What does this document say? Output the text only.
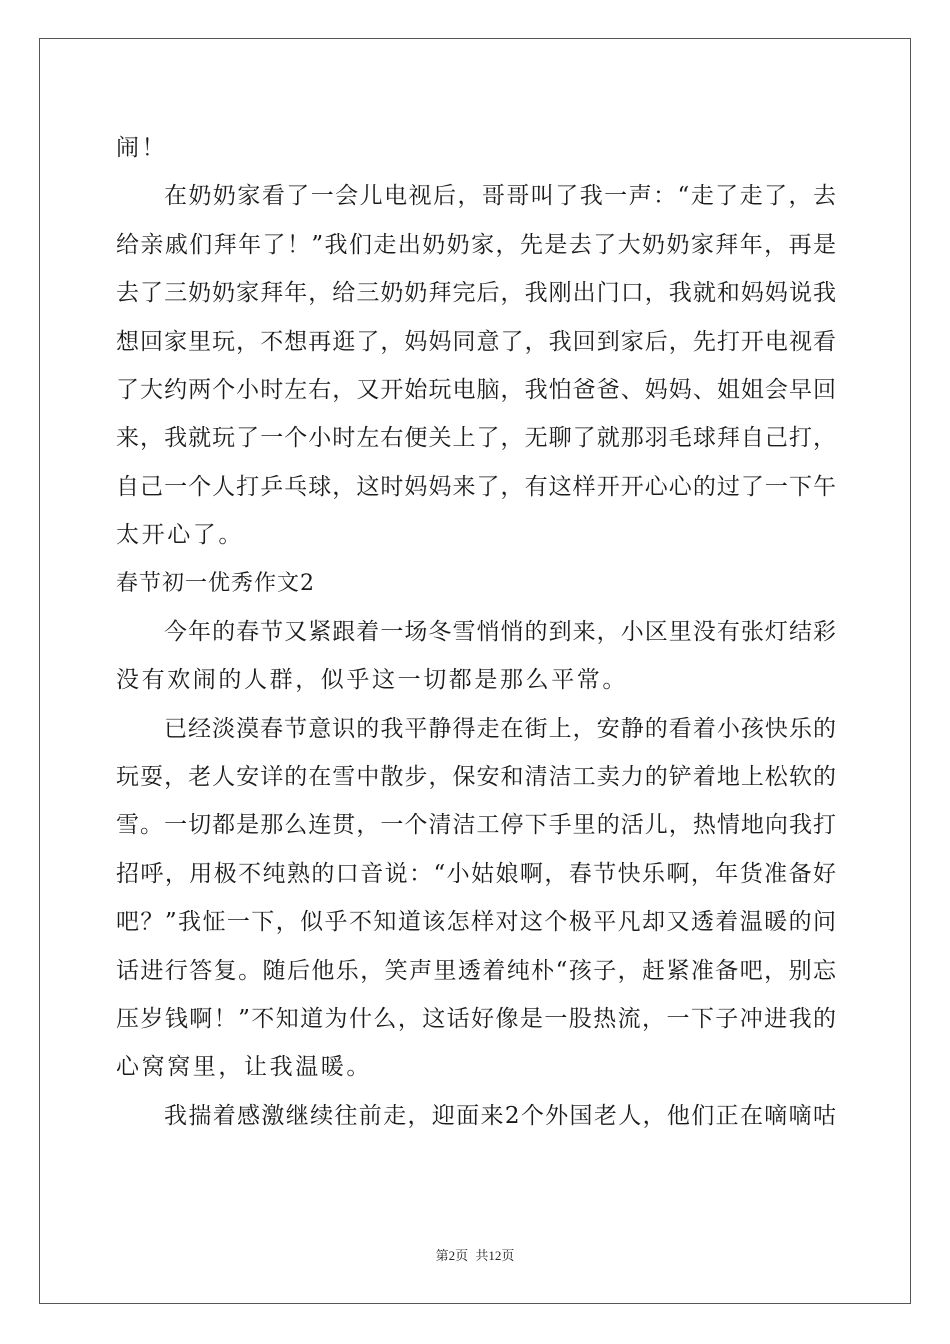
闹！
在奶奶家看了一会儿电视后，哥哥叫了我一声：“走了走了，去
给亲戚们拜年了！”我们走出奶奶家，先是去了大奶奶家拜年，再是
去了三奶奶家拜年，给三奶奶拜完后，我刚出门口，我就和妈妈说我
想回家里玩，不想再逛了，妈妈同意了，我回到家后，先打开电视看
了大约两个小时左右，又开始玩电脑，我怕爸爸、妈妈、姐姐会早回
来，我就玩了一个小时左右便关上了，无聊了就那羽毛球拜自己打，
自己一个人打乒乓球，这时妈妈来了，有这样开开心心的过了一下午
太开心了。
春节初一优秀作文2
今年的春节又紧跟着一场冬雪悄悄的到来，小区里没有张灯结彩
没有欢闹的人群，似乎这一切都是那么平常。
已经淡漠春节意识的我平静得走在街上，安静的看着小孩快乐的
玩耍，老人安详的在雪中散步，保安和清洁工卖力的铲着地上松软的
雪。一切都是那么连贯，一个清洁工停下手里的活儿，热情地向我打
招呼，用极不纯熟的口音说：“小姑娘啊，春节快乐啊，年货准备好
吧？”我怔一下，似乎不知道该怎样对这个极平凡却又透着温暖的问
话进行答复。随后他乐，笑声里透着纯朴“孩子，赶紧准备吧，别忘
压岁钱啊！”不知道为什么，这话好像是一股热流，一下子冲进我的
心窝窝里，让我温暖。
我揣着感激继续往前走，迎面来2个外国老人，他们正在嘀嘀咕
第2页 共12页
